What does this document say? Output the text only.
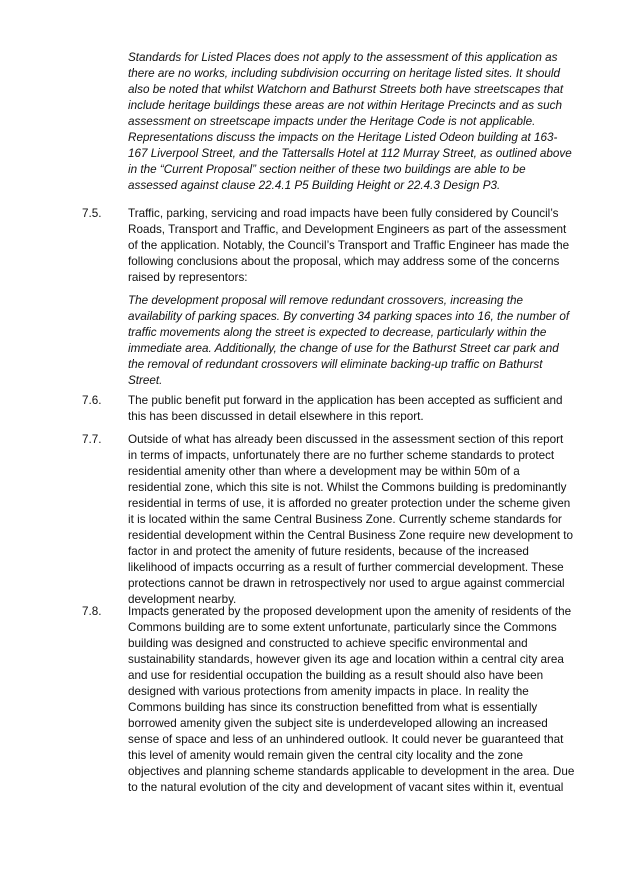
Standards for Listed Places does not apply to the assessment of this application as there are no works, including subdivision occurring on heritage listed sites. It should also be noted that whilst Watchorn and Bathurst Streets both have streetscapes that include heritage buildings these areas are not within Heritage Precincts and as such assessment on streetscape impacts under the Heritage Code is not applicable. Representations discuss the impacts on the Heritage Listed Odeon building at 163-167 Liverpool Street, and the Tattersalls Hotel at 112 Murray Street, as outlined above in the “Current Proposal” section neither of these two buildings are able to be assessed against clause 22.4.1 P5 Building Height or 22.4.3 Design P3.

7.5. Traffic, parking, servicing and road impacts have been fully considered by Council’s Roads, Transport and Traffic, and Development Engineers as part of the assessment of the application. Notably, the Council’s Transport and Traffic Engineer has made the following conclusions about the proposal, which may address some of the concerns raised by representors:

The development proposal will remove redundant crossovers, increasing the availability of parking spaces. By converting 34 parking spaces into 16, the number of traffic movements along the street is expected to decrease, particularly within the immediate area. Additionally, the change of use for the Bathurst Street car park and the removal of redundant crossovers will eliminate backing-up traffic on Bathurst Street.

7.6. The public benefit put forward in the application has been accepted as sufficient and this has been discussed in detail elsewhere in this report.

7.7. Outside of what has already been discussed in the assessment section of this report in terms of impacts, unfortunately there are no further scheme standards to protect residential amenity other than where a development may be within 50m of a residential zone, which this site is not. Whilst the Commons building is predominantly residential in terms of use, it is afforded no greater protection under the scheme given it is located within the same Central Business Zone. Currently scheme standards for residential development within the Central Business Zone require new development to factor in and protect the amenity of future residents, because of the increased likelihood of impacts occurring as a result of further commercial development. These protections cannot be drawn in retrospectively nor used to argue against commercial development nearby.

7.8. Impacts generated by the proposed development upon the amenity of residents of the Commons building are to some extent unfortunate, particularly since the Commons building was designed and constructed to achieve specific environmental and sustainability standards, however given its age and location within a central city area and use for residential occupation the building as a result should also have been designed with various protections from amenity impacts in place. In reality the Commons building has since its construction benefitted from what is essentially borrowed amenity given the subject site is underdeveloped allowing an increased sense of space and less of an unhindered outlook. It could never be guaranteed that this level of amenity would remain given the central city locality and the zone objectives and planning scheme standards applicable to development in the area. Due to the natural evolution of the city and development of vacant sites within it, eventual
